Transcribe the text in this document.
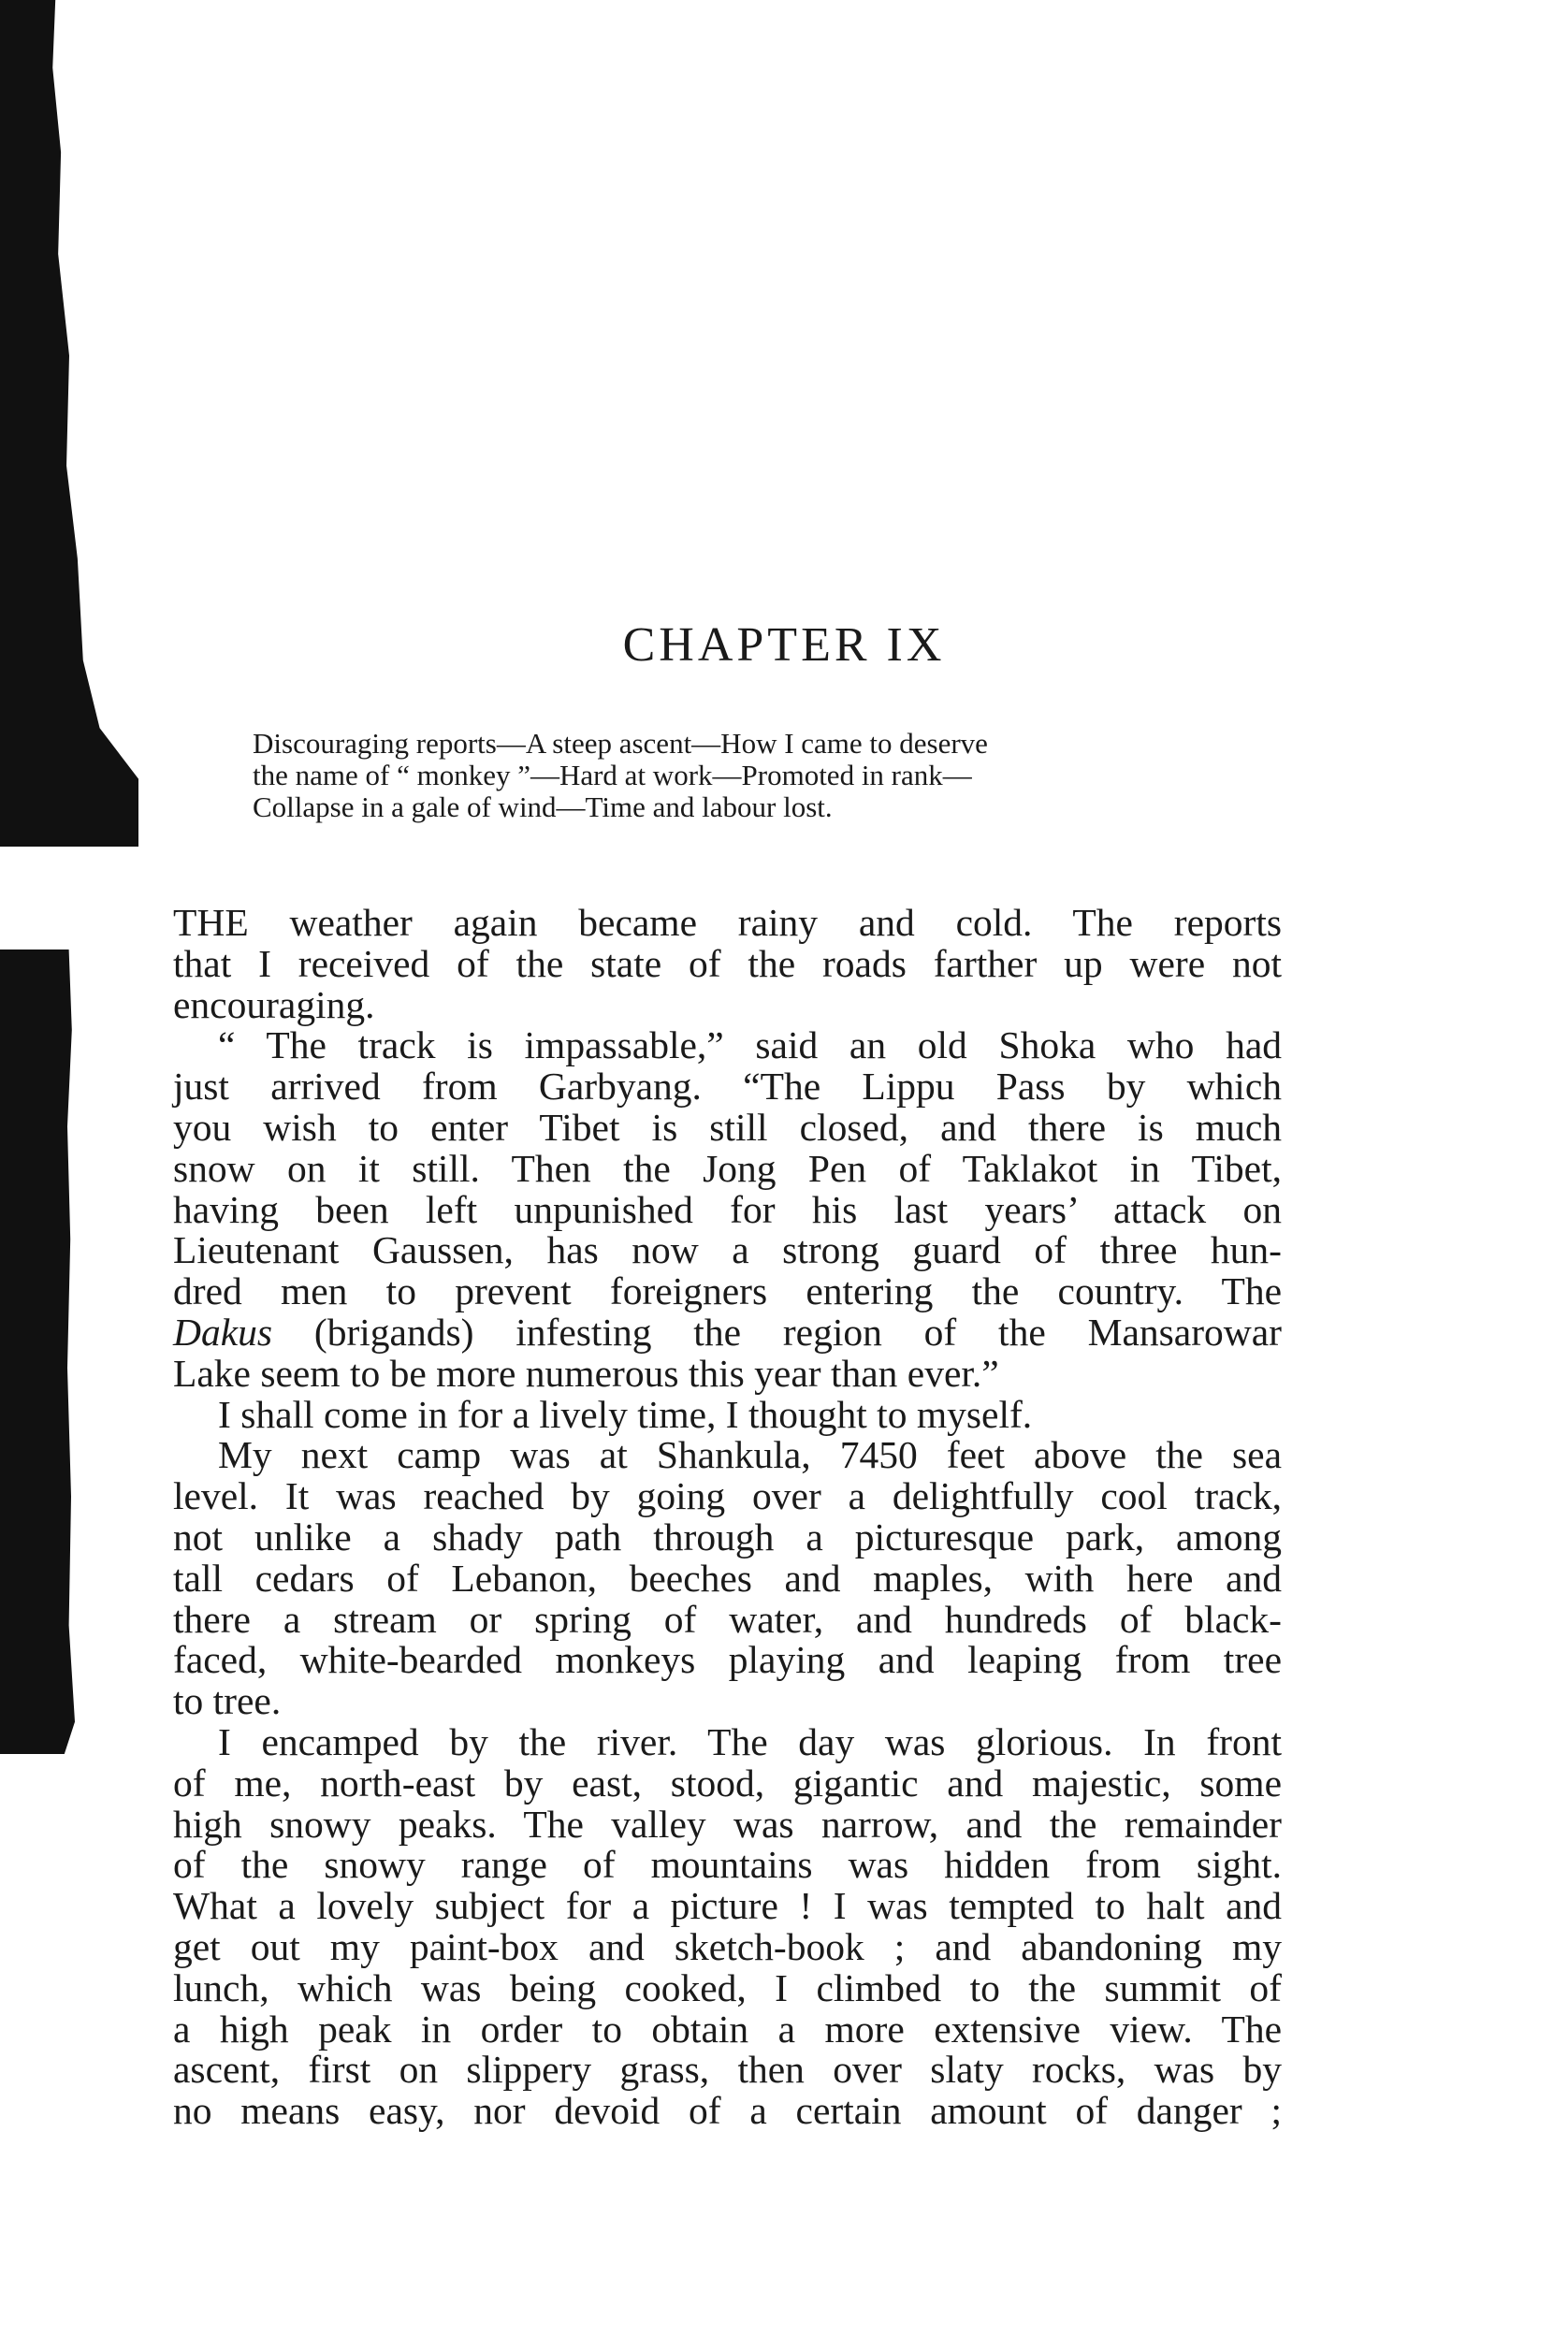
CHAPTER IX

Discouraging reports—A steep ascent—How I came to deserve
the name of “ monkey ”—Hard at work—Promoted in rank—
Collapse in a gale of wind—Time and labour lost.

THE weather again became rainy and cold. The reports
that I received of the state of the roads farther up were not
encouraging.
“ The track is impassable,” said an old Shoka who had
just arrived from Garbyang. “The Lippu Pass by which
you wish to enter Tibet is still closed, and there is much
snow on it still. Then the Jong Pen of Taklakot in Tibet,
having been left unpunished for his last years’ attack on
Lieutenant Gaussen, has now a strong guard of three hun-
dred men to prevent foreigners entering the country. The
Dakus (brigands) infesting the region of the Mansarowar
Lake seem to be more numerous this year than ever.”
I shall come in for a lively time, I thought to myself.
My next camp was at Shankula, 7450 feet above the sea
level. It was reached by going over a delightfully cool track,
not unlike a shady path through a picturesque park, among
tall cedars of Lebanon, beeches and maples, with here and
there a stream or spring of water, and hundreds of black-
faced, white-bearded monkeys playing and leaping from tree
to tree.
I encamped by the river. The day was glorious. In front
of me, north-east by east, stood, gigantic and majestic, some
high snowy peaks. The valley was narrow, and the remainder
of the snowy range of mountains was hidden from sight.
What a lovely subject for a picture ! I was tempted to halt and
get out my paint-box and sketch-book ; and abandoning my
lunch, which was being cooked, I climbed to the summit of
a high peak in order to obtain a more extensive view. The
ascent, first on slippery grass, then over slaty rocks, was by
no means easy, nor devoid of a certain amount of danger ;
